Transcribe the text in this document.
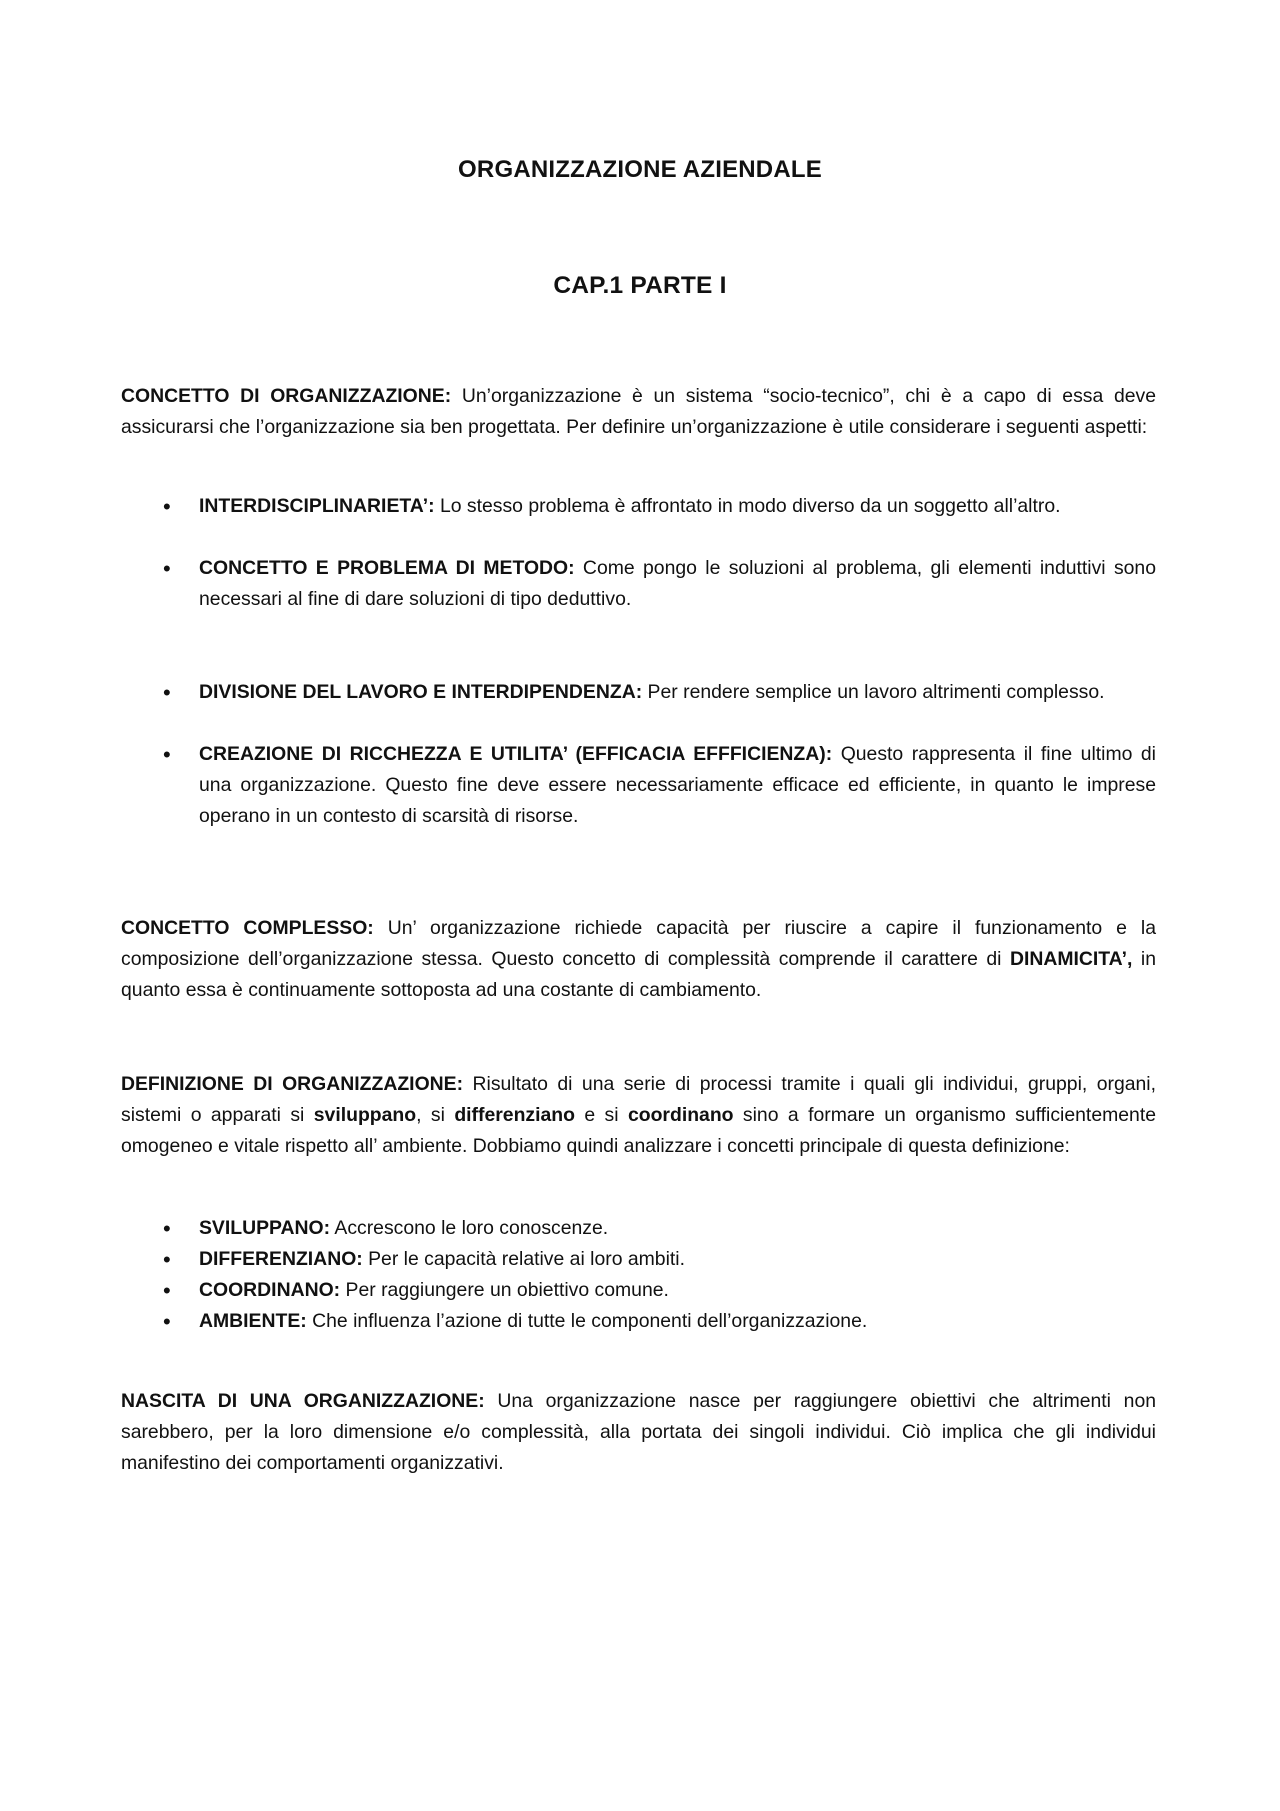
ORGANIZZAZIONE AZIENDALE
CAP.1 PARTE I

CONCETTO DI ORGANIZZAZIONE: Un’organizzazione è un sistema “socio-tecnico”, chi è a capo di essa deve assicurarsi che l’organizzazione sia ben progettata. Per definire un’organizzazione è utile considerare i seguenti aspetti:

• INTERDISCIPLINARIETA’: Lo stesso problema è affrontato in modo diverso da un soggetto all’altro.
• CONCETTO E PROBLEMA DI METODO: Come pongo le soluzioni al problema, gli elementi induttivi sono necessari al fine di dare soluzioni di tipo deduttivo.
• DIVISIONE DEL LAVORO E INTERDIPENDENZA: Per rendere semplice un lavoro altrimenti complesso.
• CREAZIONE DI RICCHEZZA E UTILITA’ (EFFICACIA EFFFICIENZA): Questo rappresenta il fine ultimo di una organizzazione. Questo fine deve essere necessariamente efficace ed efficiente, in quanto le imprese operano in un contesto di scarsità di risorse.

CONCETTO COMPLESSO: Un’ organizzazione richiede capacità per riuscire a capire il funzionamento e la composizione dell’organizzazione stessa. Questo concetto di complessità comprende il carattere di DINAMICITA’, in quanto essa è continuamente sottoposta ad una costante di cambiamento.

DEFINIZIONE DI ORGANIZZAZIONE: Risultato di una serie di processi tramite i quali gli individui, gruppi, organi, sistemi o apparati si sviluppano, si differenziano e si coordinano sino a formare un organismo sufficientemente omogeneo e vitale rispetto all’ ambiente. Dobbiamo quindi analizzare i concetti principale di questa definizione:

• SVILUPPANO: Accrescono le loro conoscenze.
• DIFFERENZIANO: Per le capacità relative ai loro ambiti.
• COORDINANO: Per raggiungere un obiettivo comune.
• AMBIENTE: Che influenza l’azione di tutte le componenti dell’organizzazione.

NASCITA DI UNA ORGANIZZAZIONE: Una organizzazione nasce per raggiungere obiettivi che altrimenti non sarebbero, per la loro dimensione e/o complessità, alla portata dei singoli individui. Ciò implica che gli individui manifestino dei comportamenti organizzativi.
